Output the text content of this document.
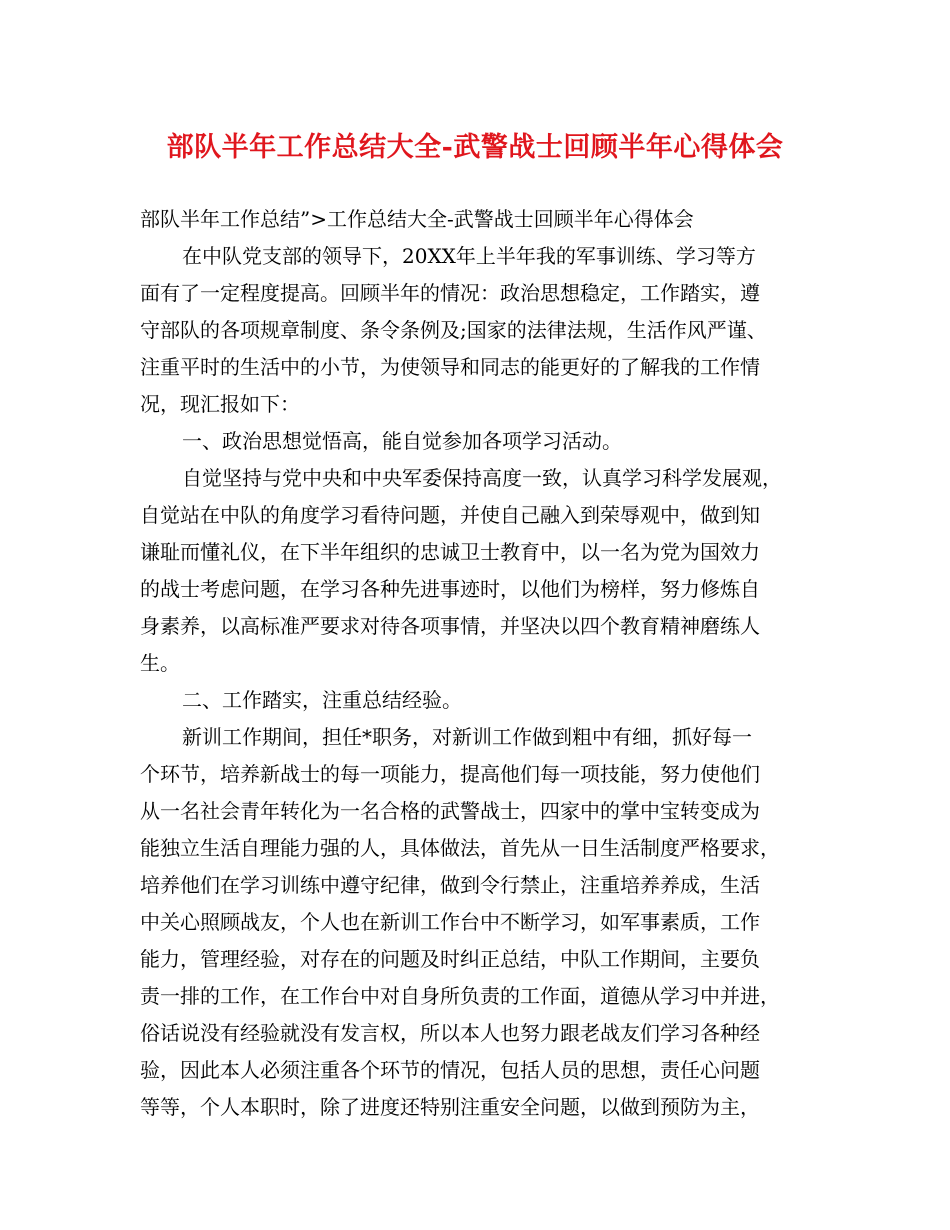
部队半年工作总结大全-武警战士回顾半年心得体会
部队半年工作总结”>工作总结大全-武警战士回顾半年心得体会
在中队党支部的领导下，20XX年上半年我的军事训练、学习等方
面有了一定程度提高。回顾半年的情况：政治思想稳定，工作踏实，遵
守部队的各项规章制度、条令条例及;国家的法律法规，生活作风严谨、
注重平时的生活中的小节，为使领导和同志的能更好的了解我的工作情
况，现汇报如下：
一、政治思想觉悟高，能自觉参加各项学习活动。
自觉坚持与党中央和中央军委保持高度一致，认真学习科学发展观，
自觉站在中队的角度学习看待问题，并使自己融入到荣辱观中，做到知
谦耻而懂礼仪，在下半年组织的忠诚卫士教育中，以一名为党为国效力
的战士考虑问题，在学习各种先进事迹时，以他们为榜样，努力修炼自
身素养，以高标准严要求对待各项事情，并坚决以四个教育精神磨练人
生。
二、工作踏实，注重总结经验。
新训工作期间，担任*职务，对新训工作做到粗中有细，抓好每一
个环节，培养新战士的每一项能力，提高他们每一项技能，努力使他们
从一名社会青年转化为一名合格的武警战士，四家中的掌中宝转变成为
能独立生活自理能力强的人，具体做法，首先从一日生活制度严格要求，
培养他们在学习训练中遵守纪律，做到令行禁止，注重培养养成，生活
中关心照顾战友，个人也在新训工作台中不断学习，如军事素质，工作
能力，管理经验，对存在的问题及时纠正总结，中队工作期间，主要负
责一排的工作，在工作台中对自身所负责的工作面，道德从学习中并进，
俗话说没有经验就没有发言权，所以本人也努力跟老战友们学习各种经
验，因此本人必须注重各个环节的情况，包括人员的思想，责任心问题
等等，个人本职时，除了进度还特别注重安全问题，以做到预防为主，
